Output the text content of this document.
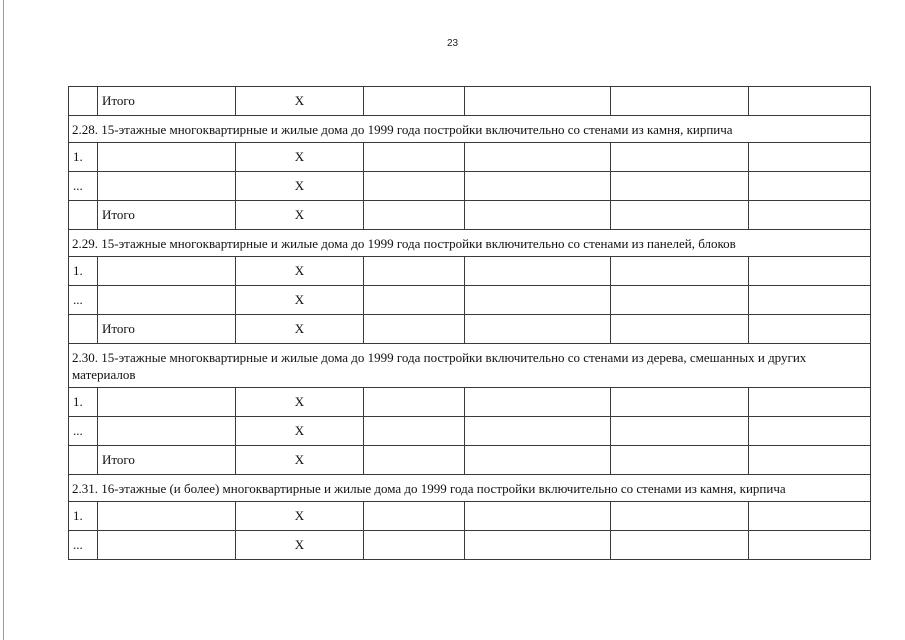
23
	Итого	Х				
2.28. 15-этажные многоквартирные и жилые дома до 1999 года постройки включительно со стенами из камня, кирпича						
1.		Х				
...		Х				
	Итого	Х				
2.29. 15-этажные многоквартирные и жилые дома до 1999 года постройки включительно со стенами из панелей, блоков						
1.		Х				
...		Х				
	Итого	Х				
2.30. 15-этажные многоквартирные и жилые дома до 1999 года постройки включительно со стенами из дерева, смешанных и других материалов						
1.		Х				
...		Х				
	Итого	Х				
2.31. 16-этажные (и более) многоквартирные и жилые дома до 1999 года постройки включительно со стенами из камня, кирпича						
1.		Х				
...		Х				
